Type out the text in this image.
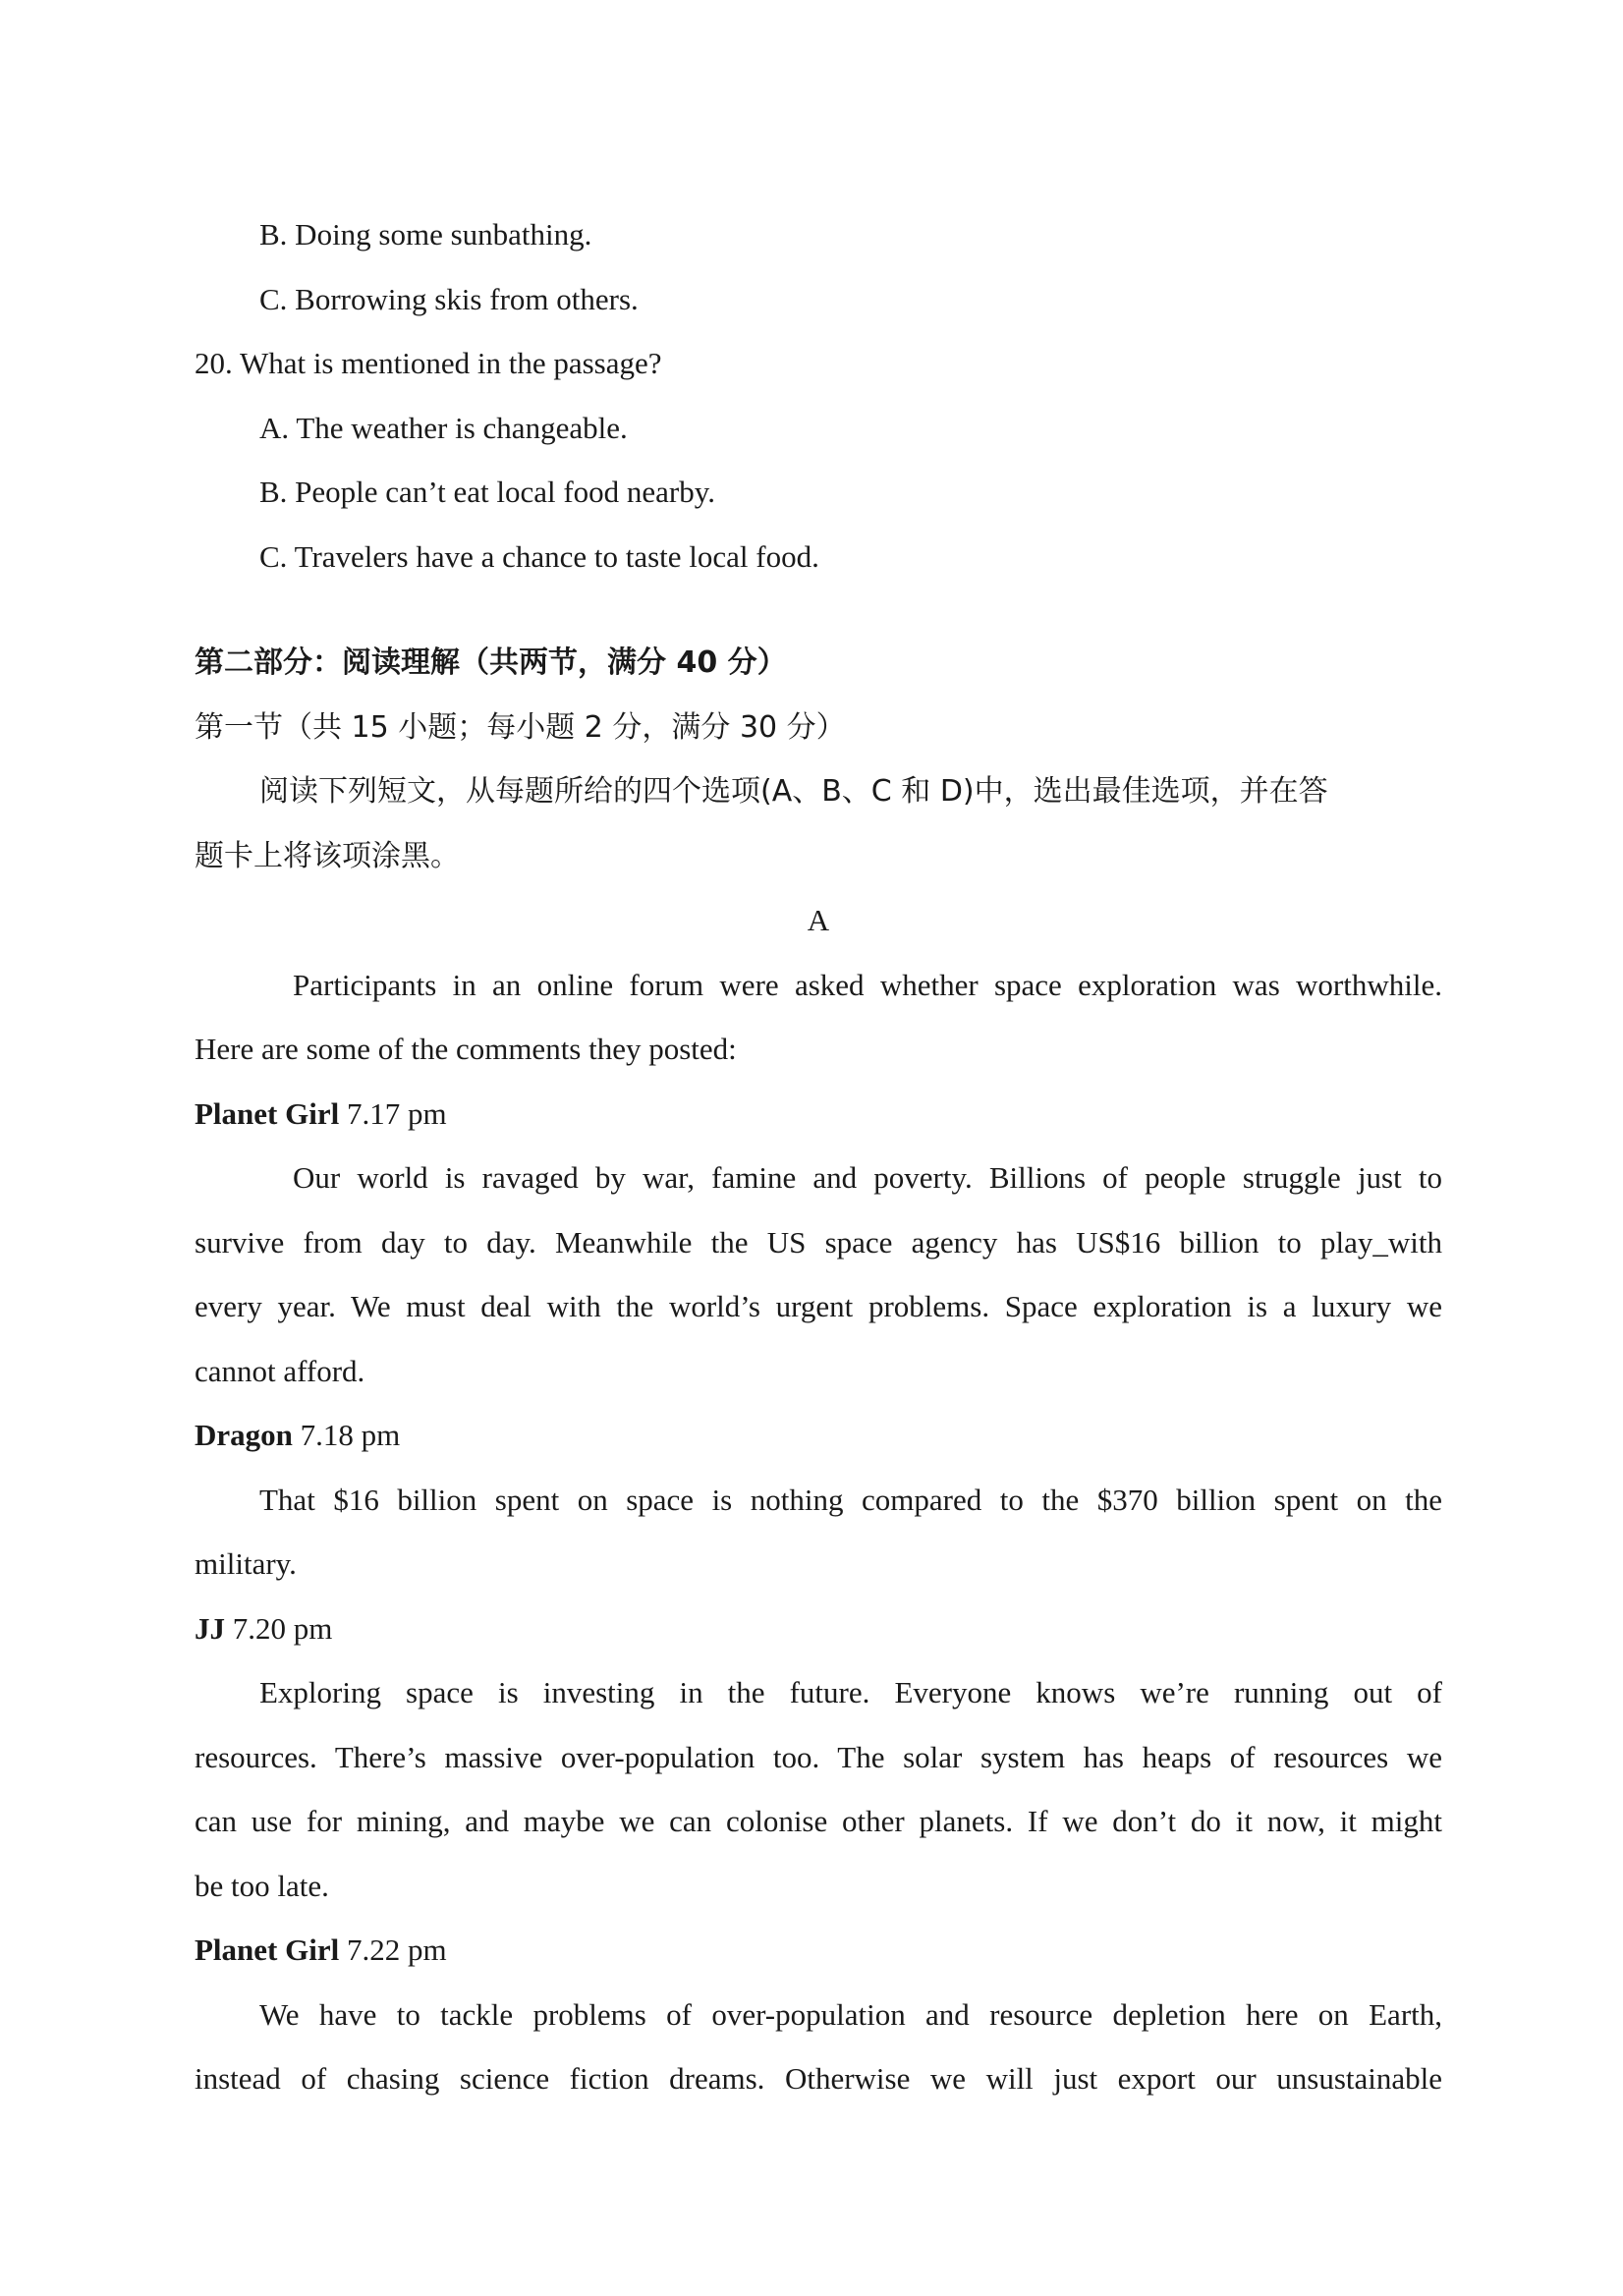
B. Doing some sunbathing.
C. Borrowing skis from others.
20. What is mentioned in the passage?
A. The weather is changeable.
B. People can’t eat local food nearby.
C. Travelers have a chance to taste local food.
第二部分：阅读理解（共两节，满分 40 分）
第一节（共 15 小题；每小题 2 分，满分 30 分）
阅读下列短文，从每题所给的四个选项(A、B、C 和 D)中，选出最佳选项，并在答
题卡上将该项涂黑。
A
Participants in an online forum were asked whether space exploration was worthwhile.
Here are some of the comments they posted:
Planet Girl 7.17 pm
Our world is ravaged by war, famine and poverty. Billions of people struggle just to
survive from day to day. Meanwhile the US space agency has US$16 billion to play_with
every year. We must deal with the world’s urgent problems. Space exploration is a luxury we
cannot afford.
Dragon 7.18 pm
That $16 billion spent on space is nothing compared to the $370 billion spent on the
military.
JJ 7.20 pm
Exploring space is investing in the future. Everyone knows we’re running out of
resources. There’s massive over-population too. The solar system has heaps of resources we
can use for mining, and maybe we can colonise other planets. If we don’t do it now, it might
be too late.
Planet Girl 7.22 pm
We have to tackle problems of over-population and resource depletion here on Earth,
instead of chasing science fiction dreams. Otherwise we will just export our unsustainable
